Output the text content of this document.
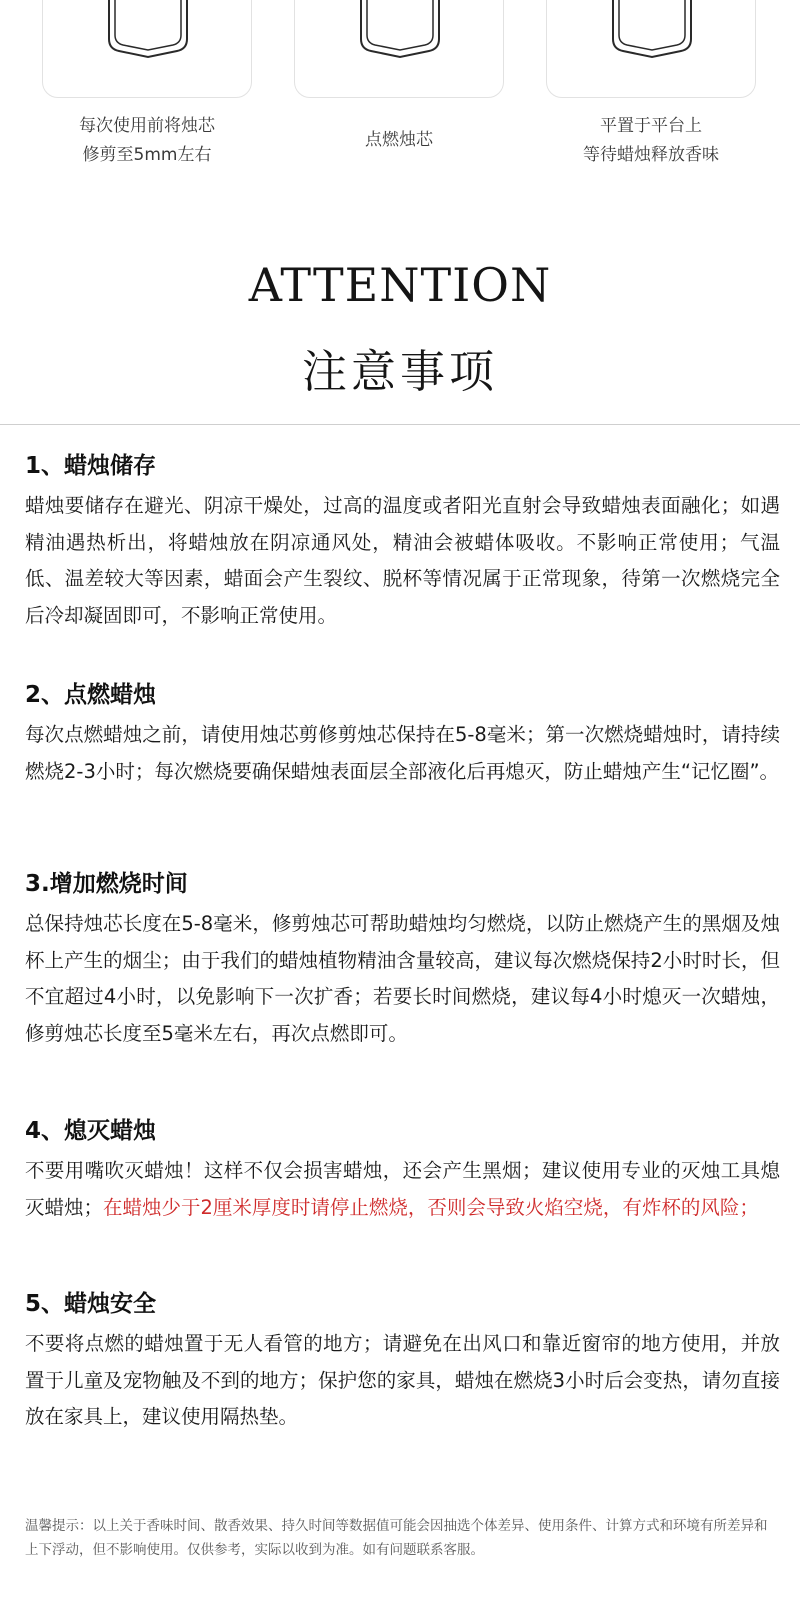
每次使用前将烛芯
修剪至5mm左右
点燃烛芯
平置于平台上
等待蜡烛释放香味
ATTENTION
注意事项
1、蜡烛储存

蜡烛要储存在避光、阴凉干燥处，过高的温度或者阳光直射会导致蜡烛表面融化；如遇精油遇热析出，将蜡烛放在阴凉通风处，精油会被蜡体吸收。不影响正常使用；气温低、温差较大等因素，蜡面会产生裂纹、脱杯等情况属于正常现象，待第一次燃烧完全后冷却凝固即可，不影响正常使用。

2、点燃蜡烛

每次点燃蜡烛之前，请使用烛芯剪修剪烛芯保持在5-8毫米；第一次燃烧蜡烛时，请持续燃烧2-3小时；每次燃烧要确保蜡烛表面层全部液化后再熄灭，防止蜡烛产生“记忆圈”。

3.增加燃烧时间

总保持烛芯长度在5-8毫米，修剪烛芯可帮助蜡烛均匀燃烧，以防止燃烧产生的黑烟及烛杯上产生的烟尘；由于我们的蜡烛植物精油含量较高，建议每次燃烧保持2小时时长，但不宜超过4小时，以免影响下一次扩香；若要长时间燃烧，建议每4小时熄灭一次蜡烛，修剪烛芯长度至5毫米左右，再次点燃即可。

4、熄灭蜡烛

不要用嘴吹灭蜡烛！这样不仅会损害蜡烛，还会产生黑烟；建议使用专业的灭烛工具熄灭蜡烛；在蜡烛少于2厘米厚度时请停止燃烧，否则会导致火焰空烧，有炸杯的风险；

5、蜡烛安全

不要将点燃的蜡烛置于无人看管的地方；请避免在出风口和靠近窗帘的地方使用，并放置于儿童及宠物触及不到的地方；保护您的家具，蜡烛在燃烧3小时后会变热，请勿直接放在家具上，建议使用隔热垫。

温馨提示：以上关于香味时间、散香效果、持久时间等数据值可能会因抽选个体差异、使用条件、计算方式和环境有所差异和上下浮动，但不影响使用。仅供参考，实际以收到为准。如有问题联系客服。
